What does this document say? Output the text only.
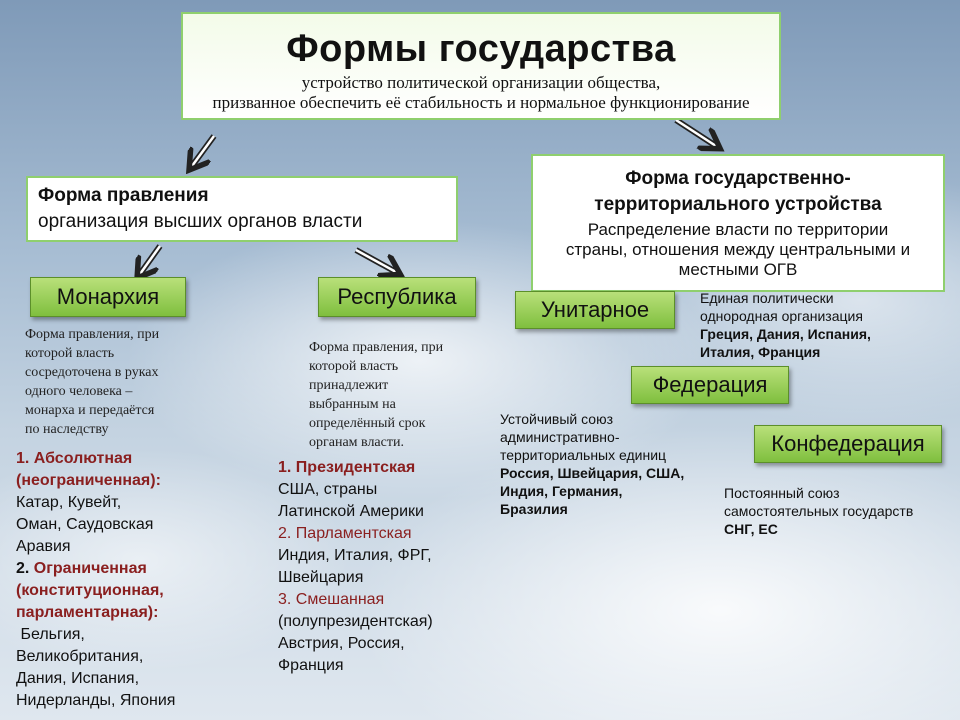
Формы государства
устройство политической организации общества,
призванное обеспечить её стабильность и нормальное функционирование
Форма правления
организация высших органов власти
Форма государственно-
территориального устройства
Распределение власти по территории
страны, отношения между центральными и
местными ОГВ
Монархия
Форма правления, при
которой власть
сосредоточена в руках
одного человека –
монарха и передаётся
по наследству
1. Абсолютная
(неограниченная):
Катар, Кувейт,
Оман, Саудовская
Аравия
2. Ограниченная
(конституционная,
парламентарная):
Бельгия,
Великобритания,
Дания, Испания,
Нидерланды, Япония
Республика
Форма правления, при
которой власть
принадлежит
выбранным на
определённый срок
органам власти.
1. Президентская
США, страны
Латинской Америки
2. Парламентская
Индия, Италия, ФРГ,
Швейцария
3. Смешанная
(полупрезидентская)
Австрия, Россия,
Франция
Унитарное	Единая политически
однородная организация
Греция, Дания, Испания,
Италия, Франция
Федерация
Устойчивый союз
административно-
территориальных единиц
Россия, Швейцария, США,
Индия, Германия,
Бразилия
Конфедерация
Постоянный союз
самостоятельных государств
СНГ, ЕС
